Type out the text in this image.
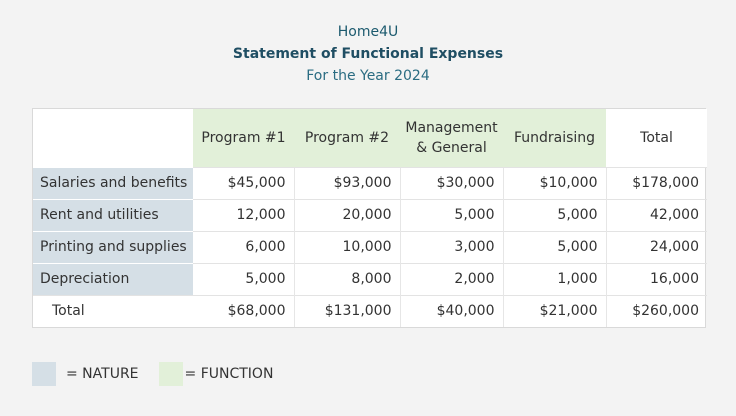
Home4U
Statement of Functional Expenses
For the Year 2024
	Program #1	Program #2	Management & General	Fundraising	Total
Salaries and benefits	$45,000	$93,000	$30,000	$10,000	$178,000
Rent and utilities	12,000	20,000	5,000	5,000	42,000
Printing and supplies	6,000	10,000	3,000	5,000	24,000
Depreciation	5,000	8,000	2,000	1,000	16,000
Total	$68,000	$131,000	$40,000	$21,000	$260,000
= NATURE	= FUNCTION
